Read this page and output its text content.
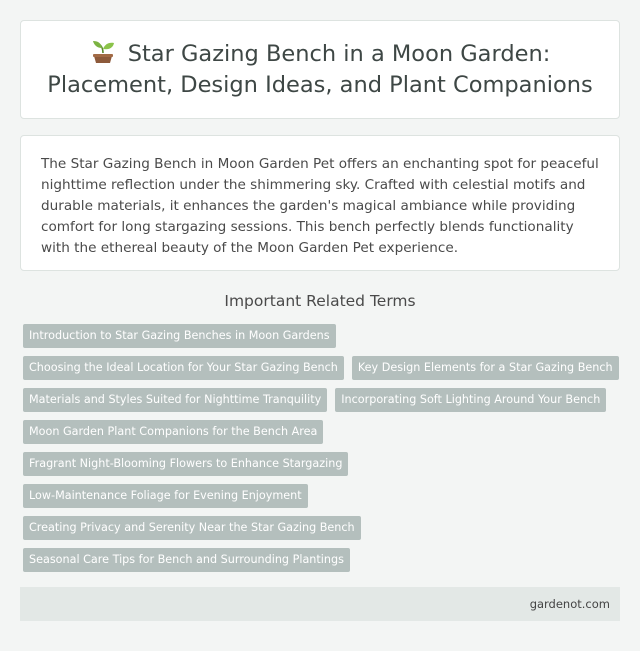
Star Gazing Bench in a Moon Garden: Placement, Design Ideas, and Plant Companions

The Star Gazing Bench in Moon Garden Pet offers an enchanting spot for peaceful nighttime reflection under the shimmering sky. Crafted with celestial motifs and durable materials, it enhances the garden's magical ambiance while providing comfort for long stargazing sessions. This bench perfectly blends functionality with the ethereal beauty of the Moon Garden Pet experience.

Important Related Terms
Introduction to Star Gazing Benches in Moon Gardens
Choosing the Ideal Location for Your Star Gazing Bench	Key Design Elements for a Star Gazing Bench
Materials and Styles Suited for Nighttime Tranquility	Incorporating Soft Lighting Around Your Bench
Moon Garden Plant Companions for the Bench Area
Fragrant Night-Blooming Flowers to Enhance Stargazing
Low-Maintenance Foliage for Evening Enjoyment
Creating Privacy and Serenity Near the Star Gazing Bench
Seasonal Care Tips for Bench and Surrounding Plantings
gardenot.com
